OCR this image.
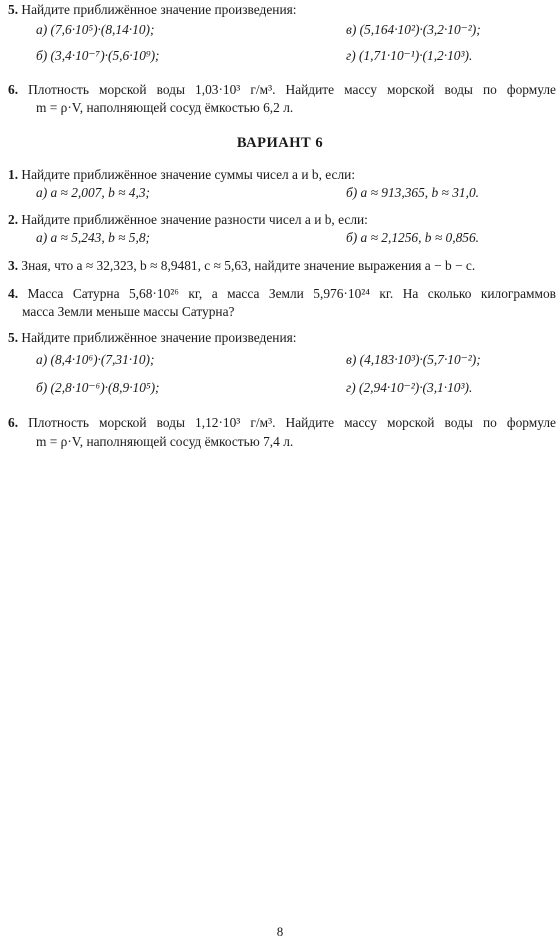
5. Найдите приближённое значение произведения:
а) (7,6·10⁵)·(8,14·10);	в) (5,164·10²)·(3,2·10⁻²);
б) (3,4·10⁻⁷)·(5,6·10⁹);	г) (1,71·10⁻¹)·(1,2·10³).
6. Плотность морской воды 1,03·10³ г/м³. Найдите массу морской воды по формуле
m = ρ·V, наполняющей сосуд ёмкостью 6,2 л.
ВАРИАНТ 6
1. Найдите приближённое значение суммы чисел a и b, если:
а) a ≈ 2,007, b ≈ 4,3;	б) a ≈ 913,365, b ≈ 31,0.
2. Найдите приближённое значение разности чисел a и b, если:
а) a ≈ 5,243, b ≈ 5,8;	б) a ≈ 2,1256, b ≈ 0,856.
3. Зная, что a ≈ 32,323, b ≈ 8,9481, c ≈ 5,63, найдите значение выражения a − b − c.
4. Масса Сатурна 5,68·10²⁶ кг, а масса Земли 5,976·10²⁴ кг. На сколько килограммов
масса Земли меньше массы Сатурна?
5. Найдите приближённое значение произведения:
а) (8,4·10⁶)·(7,31·10);	в) (4,183·10³)·(5,7·10⁻²);
б) (2,8·10⁻⁶)·(8,9·10⁵);	г) (2,94·10⁻²)·(3,1·10³).
6. Плотность морской воды 1,12·10³ г/м³. Найдите массу морской воды по формуле
m = ρ·V, наполняющей сосуд ёмкостью 7,4 л.
8
